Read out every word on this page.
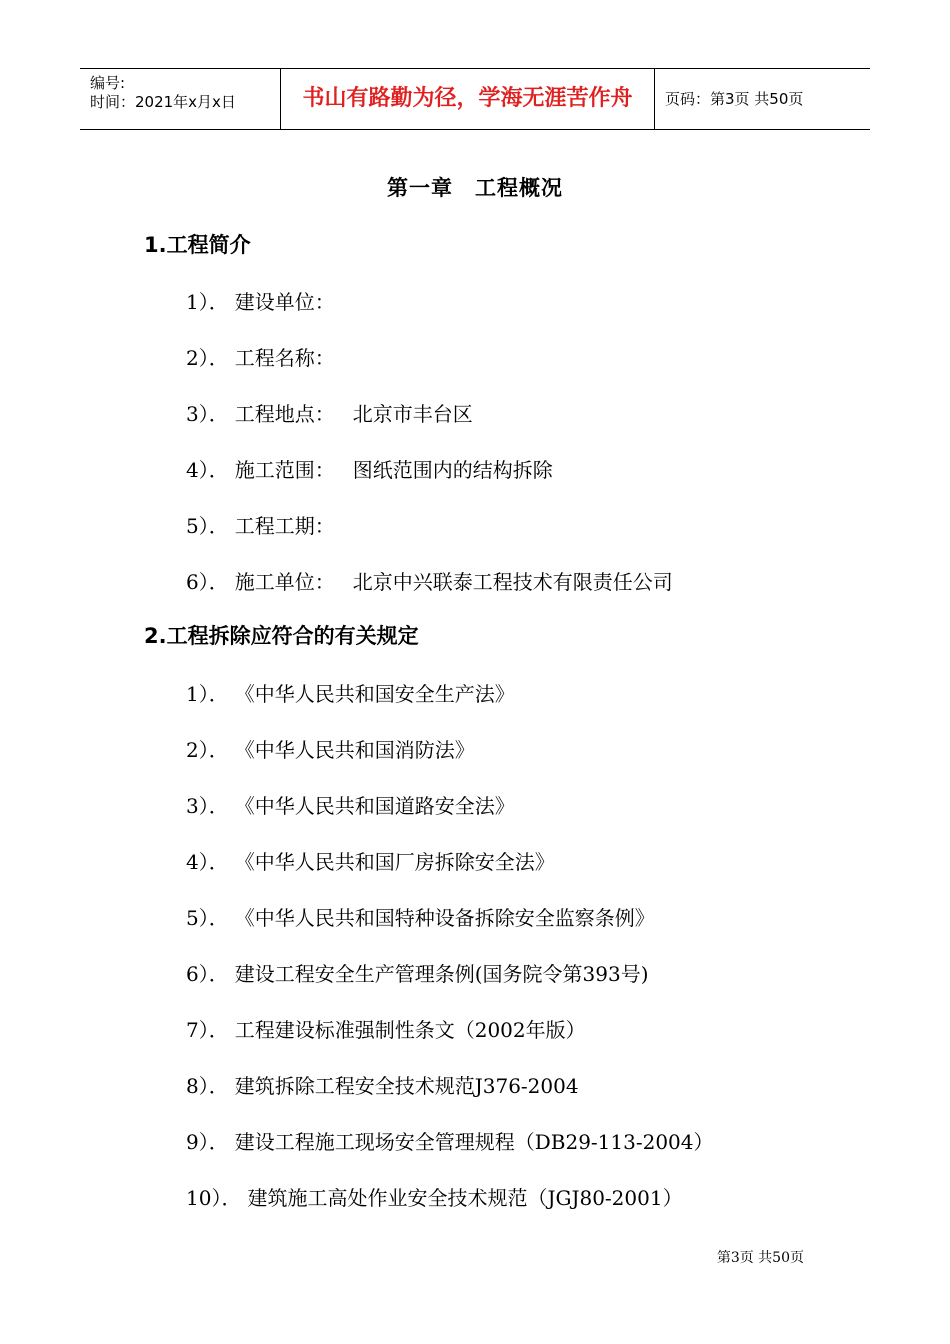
编号:
时间：2021年x月x日	书山有路勤为径，学海无涯苦作舟	页码：第3页 共50页
第一章　工程概况
1.工程简介
1）． 建设单位：
2）． 工程名称：
3）． 工程地点： 北京市丰台区
4）． 施工范围： 图纸范围内的结构拆除
5）． 工程工期：
6）． 施工单位： 北京中兴联泰工程技术有限责任公司
2.工程拆除应符合的有关规定
1）． 《中华人民共和国安全生产法》
2）． 《中华人民共和国消防法》
3）． 《中华人民共和国道路安全法》
4）． 《中华人民共和国厂房拆除安全法》
5）． 《中华人民共和国特种设备拆除安全监察条例》
6）． 建设工程安全生产管理条例(国务院令第393号)
7）． 工程建设标准强制性条文（2002年版）
8）． 建筑拆除工程安全技术规范J376-2004
9）． 建设工程施工现场安全管理规程（DB29-113-2004）
10）． 建筑施工高处作业安全技术规范（JGJ80-2001）
第3页 共50页
